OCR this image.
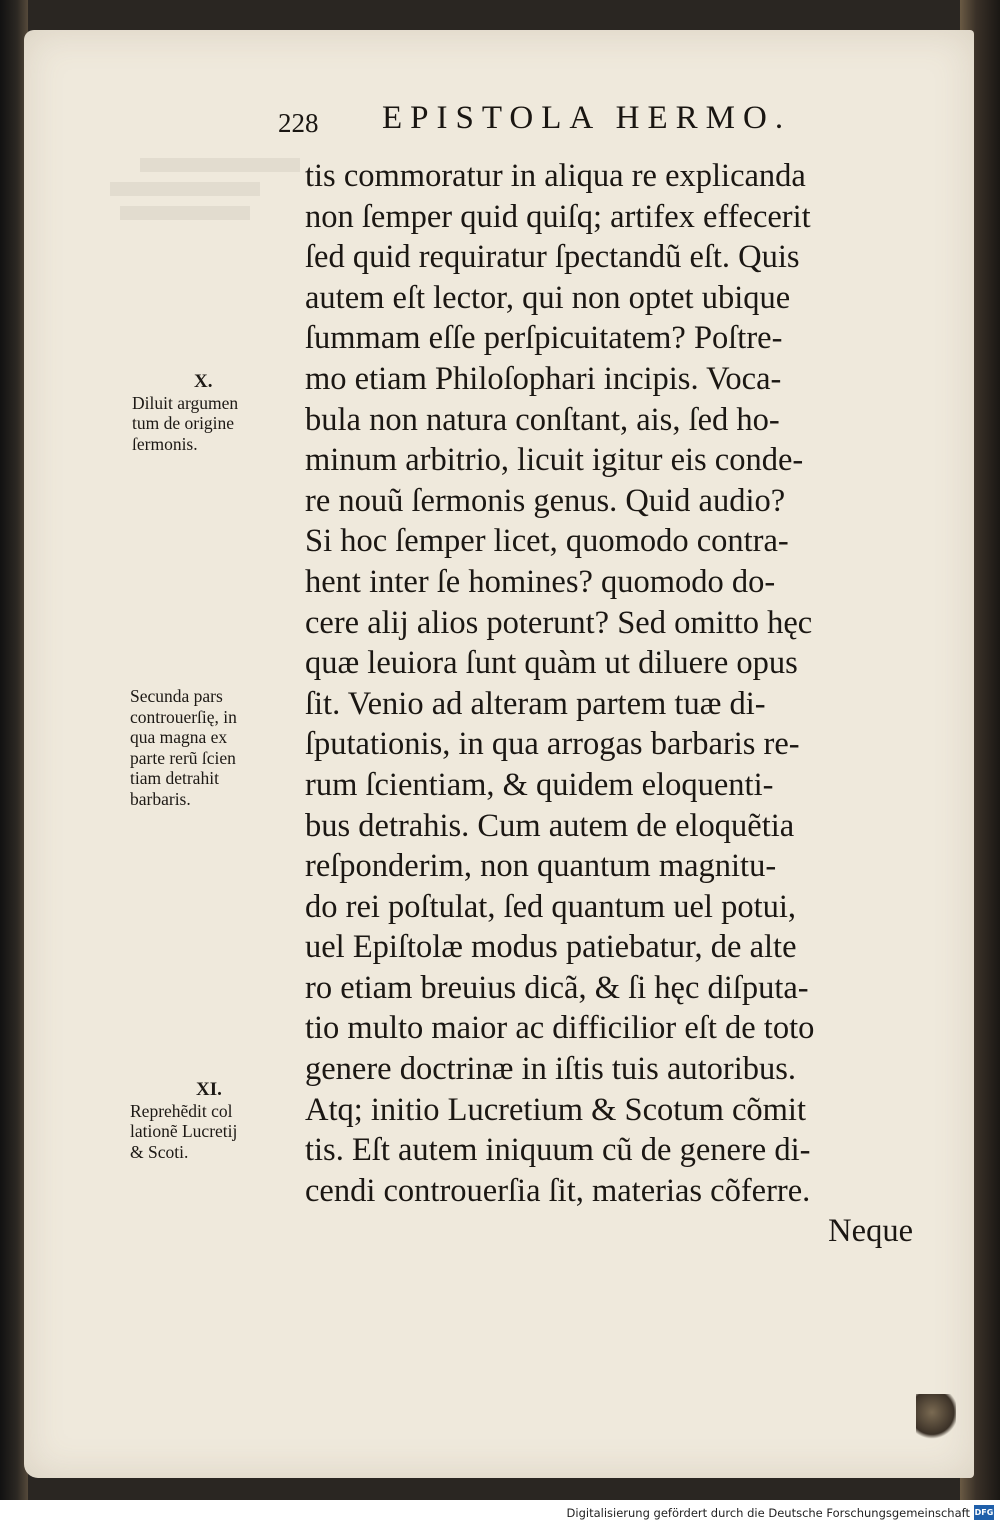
228 EPISTOLA HERMO.
tis commoratur in aliqua re explicanda
non ſemper quid quiſq; artifex effecerit
ſed quid requiratur ſpectandũ eſt. Quis
autem eſt lector, qui non optet ubique
ſummam eſſe perſpicuitatem? Poſtre-
mo etiam Philoſophari incipis. Voca-
bula non natura conſtant, ais, ſed ho-
minum arbitrio, licuit igitur eis conde-
re nouũ ſermonis genus. Quid audio?
Si hoc ſemper licet, quomodo contra-
hent inter ſe homines? quomodo do-
cere alij alios poterunt? Sed omitto hęc
quæ leuiora ſunt quàm ut diluere opus
ſit. Venio ad alteram partem tuæ di-
ſputationis, in qua arrogas barbaris re-
rum ſcientiam, & quidem eloquenti-
bus detrahis. Cum autem de eloquẽtia
reſponderim, non quantum magnitu-
do rei poſtulat, ſed quantum uel potui,
uel Epiſtolæ modus patiebatur, de alte
ro etiam breuius dicã, & ſi hęc diſputa-
tio multo maior ac difficilior eſt de toto
genere doctrinæ in iſtis tuis autoribus.
Atq; initio Lucretium & Scotum cõmit
tis. Eſt autem iniquum cũ de genere di-
cendi controuerſia ſit, materias cõferre.
Neque
X.
Diluit argumen
tum de origine
ſermonis.
Secunda pars
controuerſię, in
qua magna ex
parte rerũ ſcien
tiam detrahit
barbaris.
XI.
Reprehẽdit col
lationẽ Lucretij
& Scoti.
Digitalisierung gefördert durch die Deutsche Forschungsgemeinschaft DFG
